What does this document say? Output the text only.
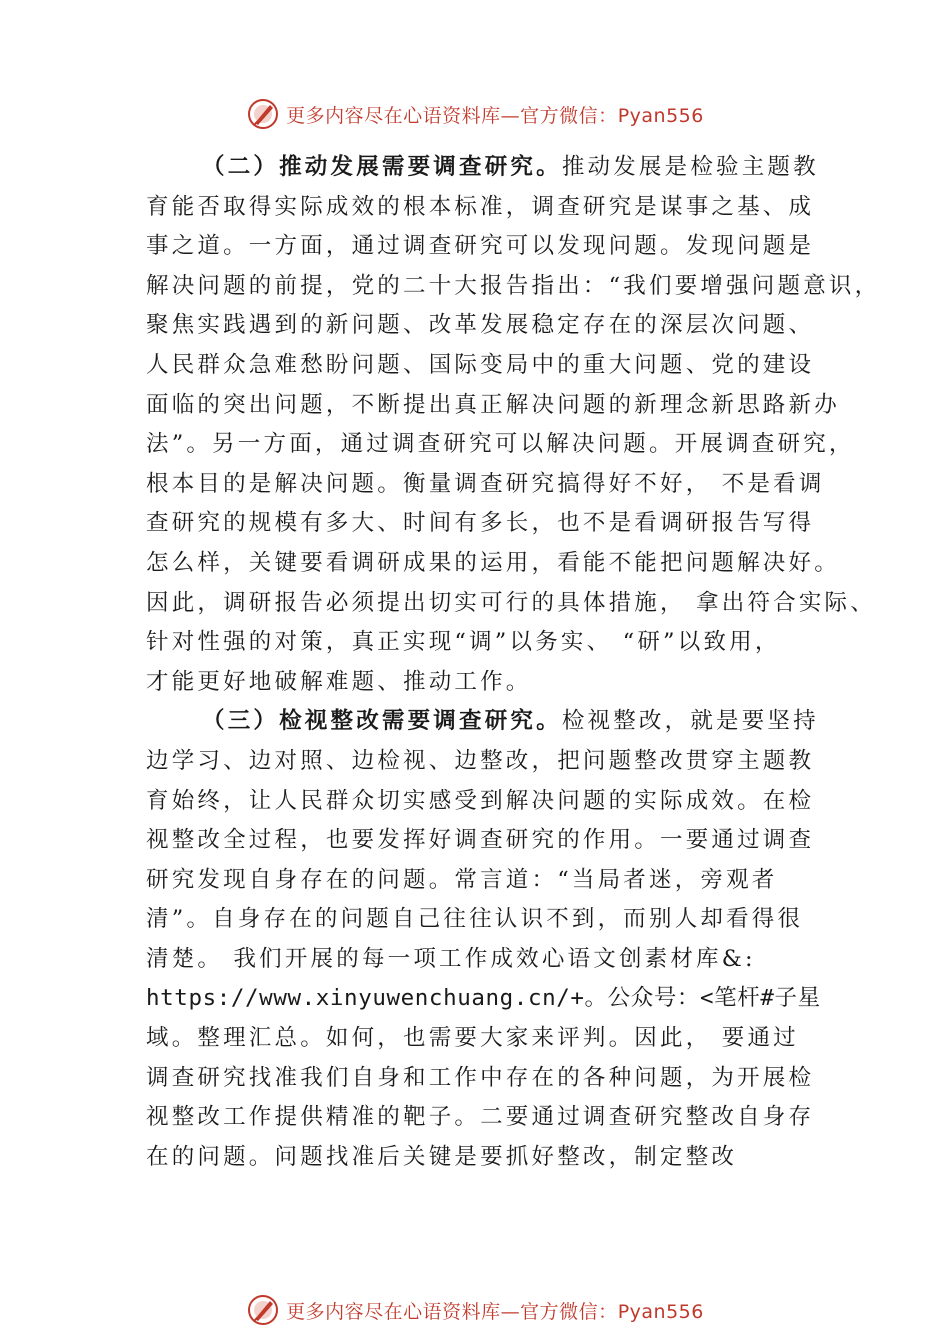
更多内容尽在心语资料库—官方微信：Pyan556
（二）推动发展需要调查研究。推动发展是检验主题教
育能否取得实际成效的根本标准，调查研究是谋事之基、成
事之道。一方面，通过调查研究可以发现问题。发现问题是
解决问题的前提，党的二十大报告指出：“我们要增强问题意识，
聚焦实践遇到的新问题、改革发展稳定存在的深层次问题、
人民群众急难愁盼问题、国际变局中的重大问题、党的建设
面临的突出问题，不断提出真正解决问题的新理念新思路新办
法”。另一方面，通过调查研究可以解决问题。开展调查研究，
根本目的是解决问题。衡量调查研究搞得好不好， 不是看调
查研究的规模有多大、时间有多长，也不是看调研报告写得
怎么样，关键要看调研成果的运用，看能不能把问题解决好。
因此，调研报告必须提出切实可行的具体措施， 拿出符合实际、
针对性强的对策，真正实现“调”以务实、 “研”以致用，
才能更好地破解难题、推动工作。
（三）检视整改需要调查研究。检视整改，就是要坚持
边学习、边对照、边检视、边整改，把问题整改贯穿主题教
育始终，让人民群众切实感受到解决问题的实际成效。在检
视整改全过程，也要发挥好调查研究的作用。一要通过调查
研究发现自身存在的问题。常言道：“当局者迷，旁观者
清”。自身存在的问题自己往往认识不到，而别人却看得很
清楚。 我们开展的每一项工作成效心语文创素材库&:
https://www.xinyuwenchuang.cn/+。公众号：<笔杆#子星
域。整理汇总。如何，也需要大家来评判。因此， 要通过
调查研究找准我们自身和工作中存在的各种问题，为开展检
视整改工作提供精准的靶子。二要通过调查研究整改自身存
在的问题。问题找准后关键是要抓好整改，制定整改
更多内容尽在心语资料库—官方微信：Pyan556
